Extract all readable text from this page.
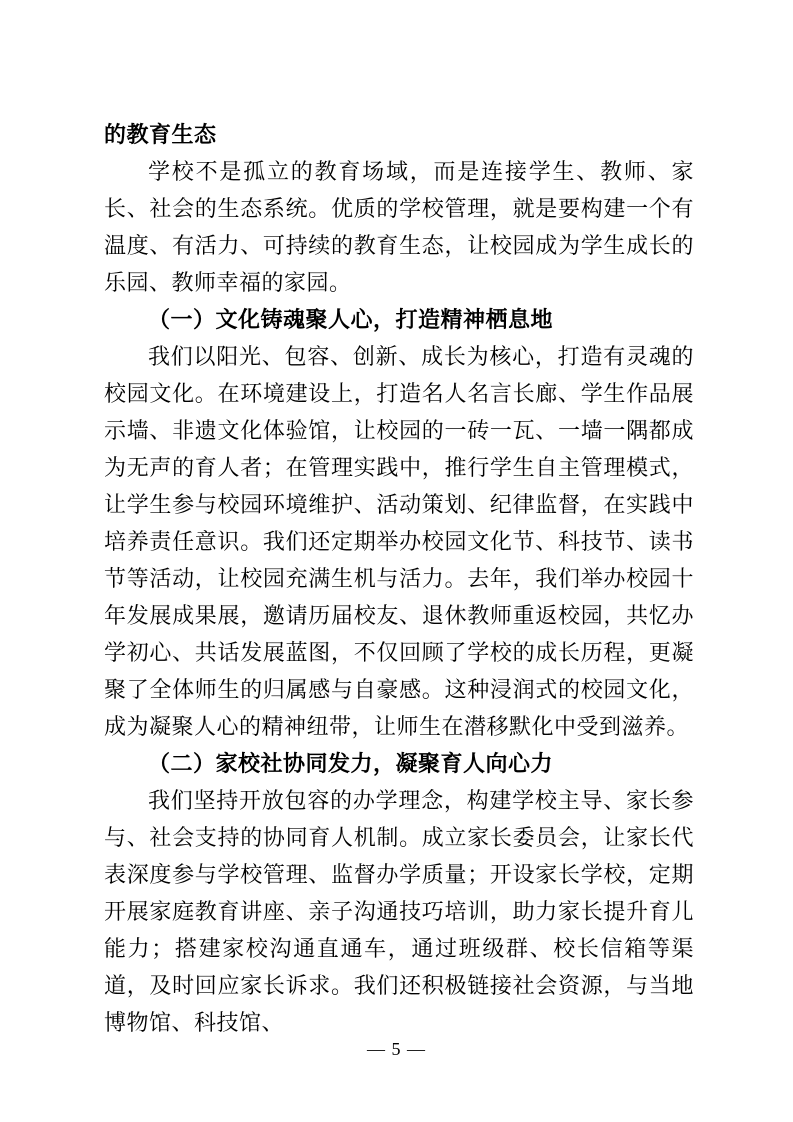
的教育生态

学校不是孤立的教育场域，而是连接学生、教师、家长、社会的生态系统。优质的学校管理，就是要构建一个有温度、有活力、可持续的教育生态，让校园成为学生成长的乐园、教师幸福的家园。

（一）文化铸魂聚人心，打造精神栖息地

我们以阳光、包容、创新、成长为核心，打造有灵魂的校园文化。在环境建设上，打造名人名言长廊、学生作品展示墙、非遗文化体验馆，让校园的一砖一瓦、一墙一隅都成为无声的育人者；在管理实践中，推行学生自主管理模式，让学生参与校园环境维护、活动策划、纪律监督，在实践中培养责任意识。我们还定期举办校园文化节、科技节、读书节等活动，让校园充满生机与活力。去年，我们举办校园十年发展成果展，邀请历届校友、退休教师重返校园，共忆办学初心、共话发展蓝图，不仅回顾了学校的成长历程，更凝聚了全体师生的归属感与自豪感。这种浸润式的校园文化，成为凝聚人心的精神纽带，让师生在潜移默化中受到滋养。

（二）家校社协同发力，凝聚育人向心力

我们坚持开放包容的办学理念，构建学校主导、家长参与、社会支持的协同育人机制。成立家长委员会，让家长代表深度参与学校管理、监督办学质量；开设家长学校，定期开展家庭教育讲座、亲子沟通技巧培训，助力家长提升育儿能力；搭建家校沟通直通车，通过班级群、校长信箱等渠道，及时回应家长诉求。我们还积极链接社会资源，与当地博物馆、科技馆、

— 5 —
